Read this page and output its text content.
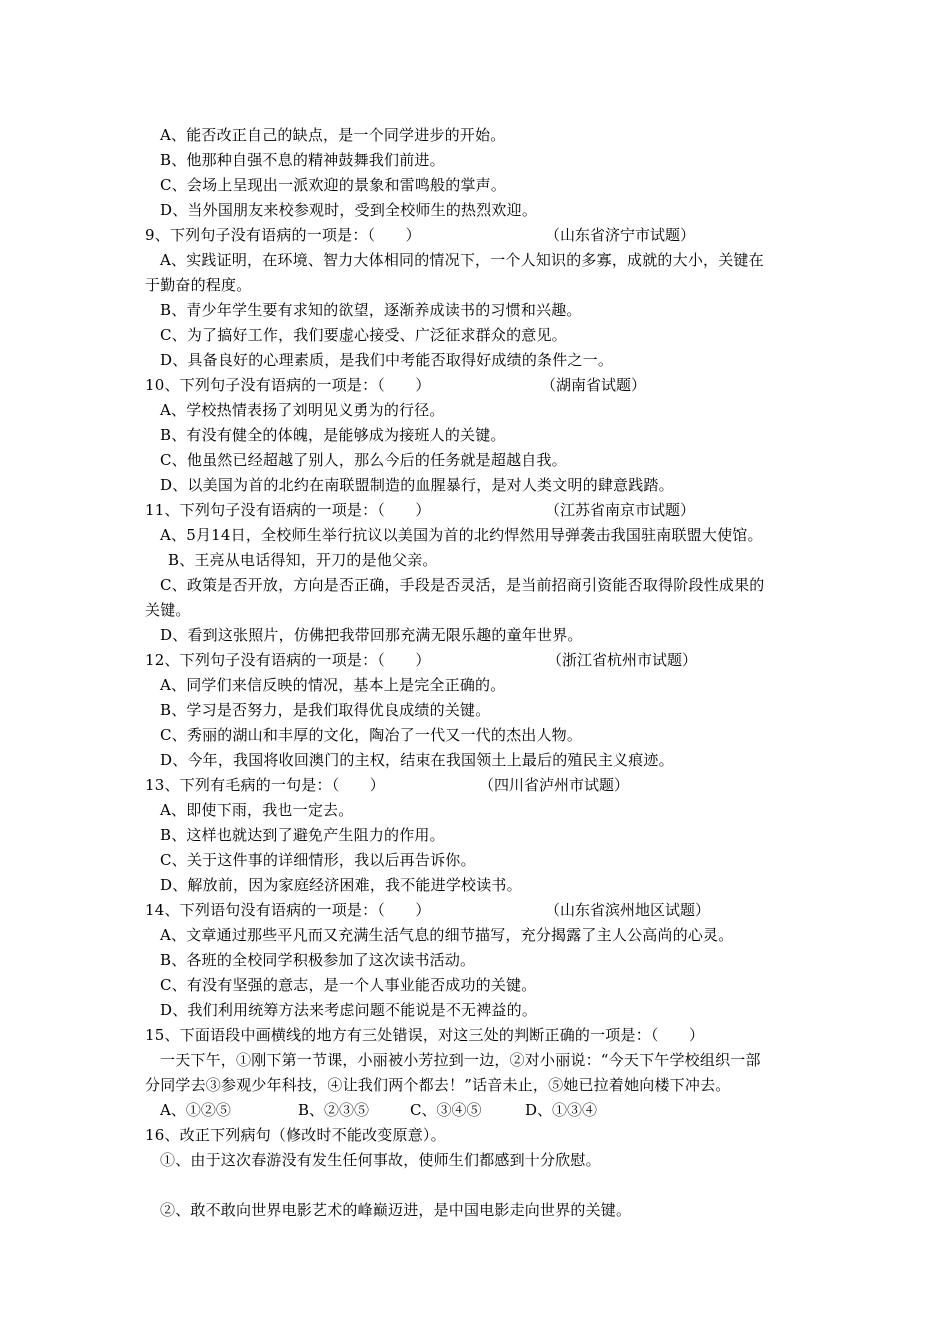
A、能否改正自己的缺点，是一个同学进步的开始。
B、他那种自强不息的精神鼓舞我们前进。
C、会场上呈现出一派欢迎的景象和雷鸣般的掌声。
D、当外国朋友来校参观时，受到全校师生的热烈欢迎。
9、下列句子没有语病的一项是：（　　）	（山东省济宁市试题）
A、实践证明，在环境、智力大体相同的情况下，一个人知识的多寡，成就的大小，关键在
于勤奋的程度。
B、青少年学生要有求知的欲望，逐渐养成读书的习惯和兴趣。
C、为了搞好工作，我们要虚心接受、广泛征求群众的意见。
D、具备良好的心理素质，是我们中考能否取得好成绩的条件之一。
10、下列句子没有语病的一项是：（　　）	（湖南省试题）
A、学校热情表扬了刘明见义勇为的行径。
B、有没有健全的体魄，是能够成为接班人的关键。
C、他虽然已经超越了别人，那么今后的任务就是超越自我。
D、以美国为首的北约在南联盟制造的血腥暴行，是对人类文明的肆意践踏。
11、下列句子没有语病的一项是：（　　）	（江苏省南京市试题）
A、5月14日，全校师生举行抗议以美国为首的北约悍然用导弹袭击我国驻南联盟大使馆。
B、王亮从电话得知，开刀的是他父亲。
C、政策是否开放，方向是否正确，手段是否灵活，是当前招商引资能否取得阶段性成果的
关键。
D、看到这张照片，仿佛把我带回那充满无限乐趣的童年世界。
12、下列句子没有语病的一项是：（　　）	（浙江省杭州市试题）
A、同学们来信反映的情况，基本上是完全正确的。
B、学习是否努力，是我们取得优良成绩的关键。
C、秀丽的湖山和丰厚的文化，陶冶了一代又一代的杰出人物。
D、今年，我国将收回澳门的主权，结束在我国领土上最后的殖民主义痕迹。
13、下列有毛病的一句是：（　　）	（四川省泸州市试题）
A、即使下雨，我也一定去。
B、这样也就达到了避免产生阻力的作用。
C、关于这件事的详细情形，我以后再告诉你。
D、解放前，因为家庭经济困难，我不能进学校读书。
14、下列语句没有语病的一项是：（　　）	（山东省滨州地区试题）
A、文章通过那些平凡而又充满生活气息的细节描写，充分揭露了主人公高尚的心灵。
B、各班的全校同学积极参加了这次读书活动。
C、有没有坚强的意志，是一个人事业能否成功的关键。
D、我们利用统筹方法来考虑问题不能说是不无裨益的。
15、下面语段中画横线的地方有三处错误，对这三处的判断正确的一项是：（　　）
一天下午，①刚下第一节课，小丽被小芳拉到一边，②对小丽说：“今天下午学校组织一部
分同学去③参观少年科技，④让我们两个都去！”话音未止，⑤她已拉着她向楼下冲去。
A、①②⑤	B、②③⑤	C、③④⑤	D、①③④
16、改正下列病句（修改时不能改变原意）。
①、由于这次春游没有发生任何事故，使师生们都感到十分欣慰。
②、敢不敢向世界电影艺术的峰巅迈进，是中国电影走向世界的关键。
